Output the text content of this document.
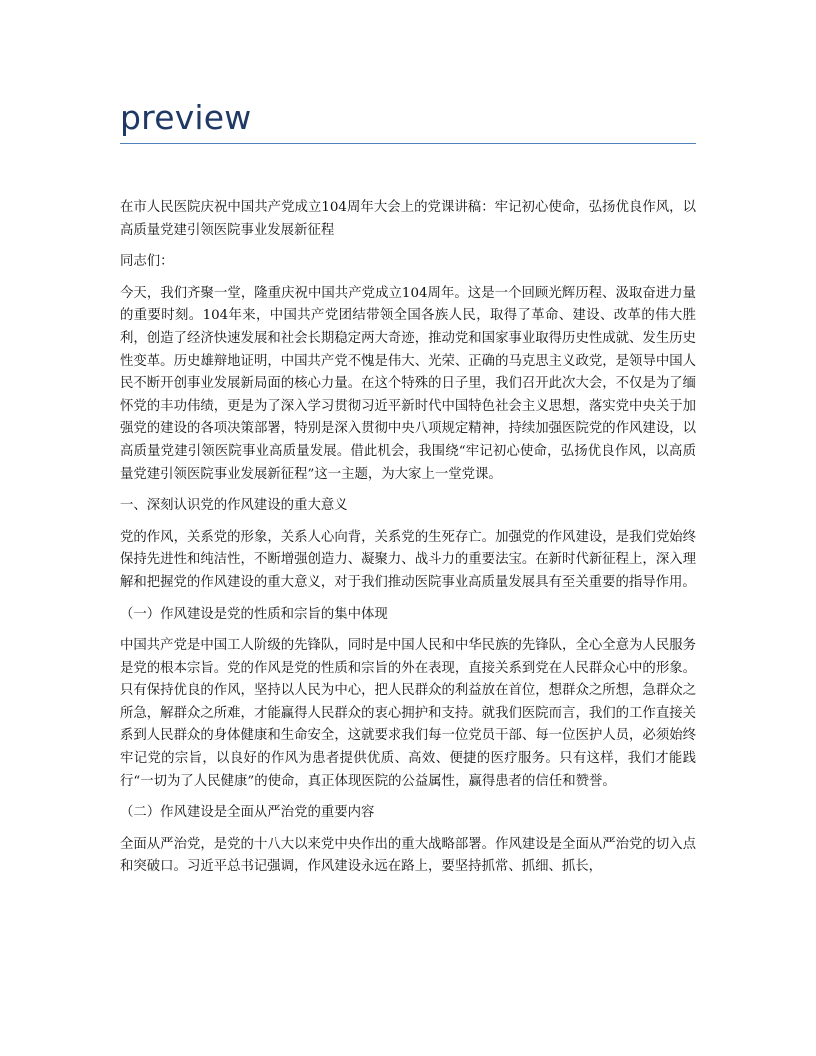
preview

在市人民医院庆祝中国共产党成立104周年大会上的党课讲稿：牢记初心使命，弘扬优良作风，以高质量党建引领医院事业发展新征程

同志们：

今天，我们齐聚一堂，隆重庆祝中国共产党成立104周年。这是一个回顾光辉历程、汲取奋进力量的重要时刻。104年来，中国共产党团结带领全国各族人民，取得了革命、建设、改革的伟大胜利，创造了经济快速发展和社会长期稳定两大奇迹，推动党和国家事业取得历史性成就、发生历史性变革。历史雄辩地证明，中国共产党不愧是伟大、光荣、正确的马克思主义政党，是领导中国人民不断开创事业发展新局面的核心力量。在这个特殊的日子里，我们召开此次大会，不仅是为了缅怀党的丰功伟绩，更是为了深入学习贯彻习近平新时代中国特色社会主义思想，落实党中央关于加强党的建设的各项决策部署，特别是深入贯彻中央八项规定精神，持续加强医院党的作风建设，以高质量党建引领医院事业高质量发展。借此机会，我围绕“牢记初心使命，弘扬优良作风，以高质量党建引领医院事业发展新征程”这一主题，为大家上一堂党课。

一、深刻认识党的作风建设的重大意义

党的作风，关系党的形象，关系人心向背，关系党的生死存亡。加强党的作风建设，是我们党始终保持先进性和纯洁性，不断增强创造力、凝聚力、战斗力的重要法宝。在新时代新征程上，深入理解和把握党的作风建设的重大意义，对于我们推动医院事业高质量发展具有至关重要的指导作用。

（一）作风建设是党的性质和宗旨的集中体现

中国共产党是中国工人阶级的先锋队，同时是中国人民和中华民族的先锋队，全心全意为人民服务是党的根本宗旨。党的作风是党的性质和宗旨的外在表现，直接关系到党在人民群众心中的形象。只有保持优良的作风，坚持以人民为中心，把人民群众的利益放在首位，想群众之所想，急群众之所急，解群众之所难，才能赢得人民群众的衷心拥护和支持。就我们医院而言，我们的工作直接关系到人民群众的身体健康和生命安全，这就要求我们每一位党员干部、每一位医护人员，必须始终牢记党的宗旨，以良好的作风为患者提供优质、高效、便捷的医疗服务。只有这样，我们才能践行“一切为了人民健康”的使命，真正体现医院的公益属性，赢得患者的信任和赞誉。

（二）作风建设是全面从严治党的重要内容

全面从严治党，是党的十八大以来党中央作出的重大战略部署。作风建设是全面从严治党的切入点和突破口。习近平总书记强调，作风建设永远在路上，要坚持抓常、抓细、抓长，
